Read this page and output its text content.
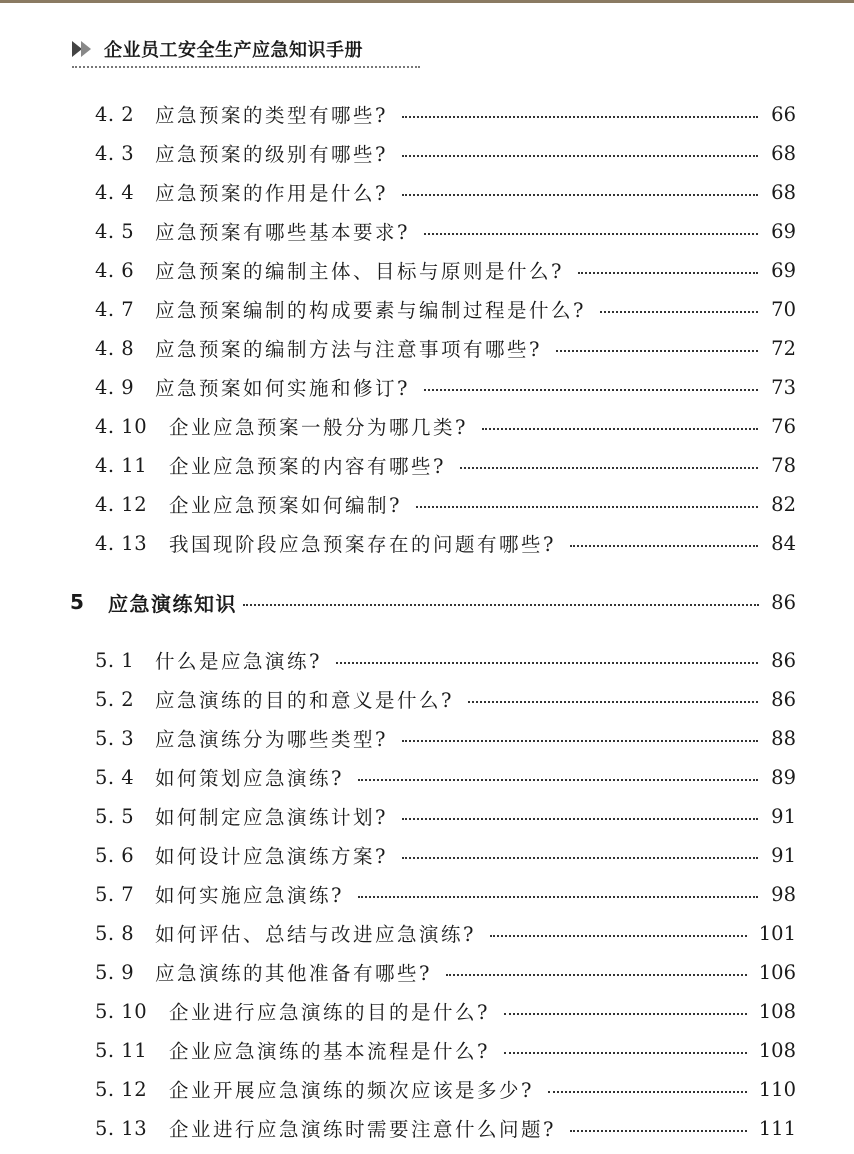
企业员工安全生产应急知识手册
4. 2	应急预案的类型有哪些?	66
4. 3	应急预案的级别有哪些?	68
4. 4	应急预案的作用是什么?	68
4. 5	应急预案有哪些基本要求?	69
4. 6	应急预案的编制主体、目标与原则是什么?	69
4. 7	应急预案编制的构成要素与编制过程是什么?	70
4. 8	应急预案的编制方法与注意事项有哪些?	72
4. 9	应急预案如何实施和修订?	73
4. 10	企业应急预案一般分为哪几类?	76
4. 11	企业应急预案的内容有哪些?	78
4. 12	企业应急预案如何编制?	82
4. 13	我国现阶段应急预案存在的问题有哪些?	84
5	应急演练知识	86
5. 1	什么是应急演练?	86
5. 2	应急演练的目的和意义是什么?	86
5. 3	应急演练分为哪些类型?	88
5. 4	如何策划应急演练?	89
5. 5	如何制定应急演练计划?	91
5. 6	如何设计应急演练方案?	91
5. 7	如何实施应急演练?	98
5. 8	如何评估、总结与改进应急演练?	101
5. 9	应急演练的其他准备有哪些?	106
5. 10	企业进行应急演练的目的是什么?	108
5. 11	企业应急演练的基本流程是什么?	108
5. 12	企业开展应急演练的频次应该是多少?	110
5. 13	企业进行应急演练时需要注意什么问题?	111
